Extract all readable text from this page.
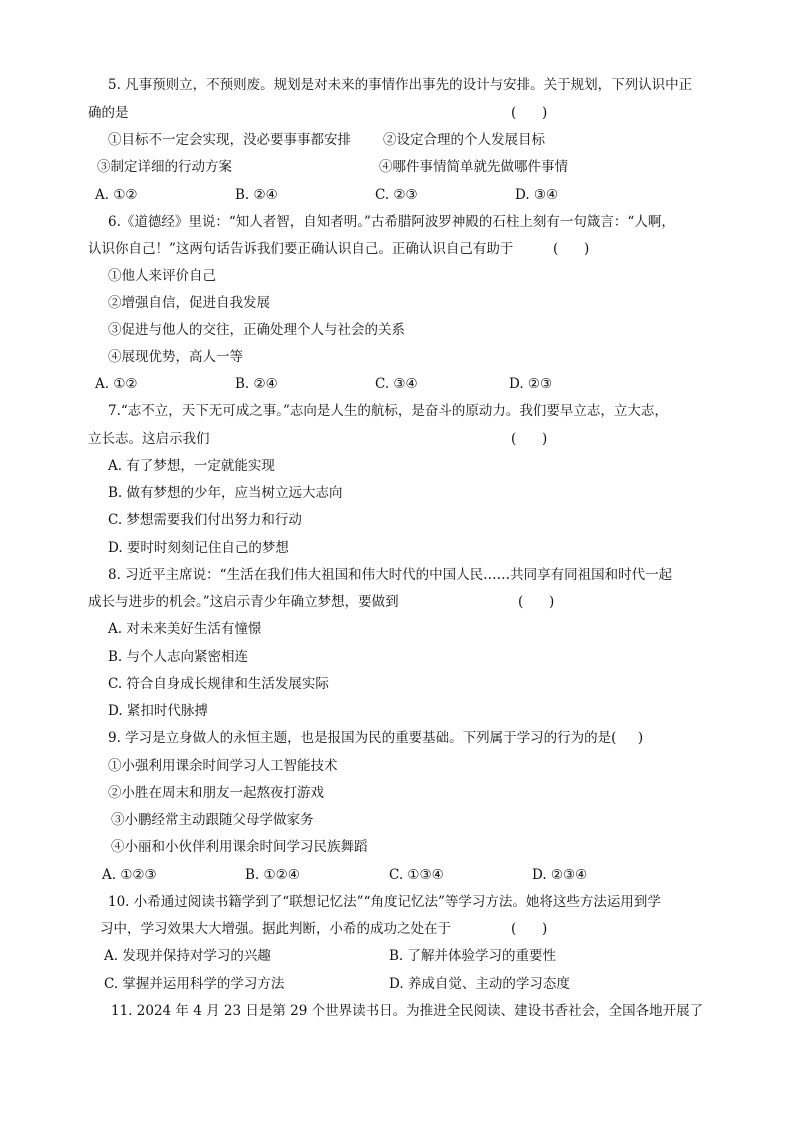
5. 凡事预则立，不预则废。规划是对未来的事情作出事先的设计与安排。关于规划，下列认识中正
确的是	(      )
①目标不一定会实现，没必要事事都安排 ②设定合理的个人发展目标
③制定详细的行动方案	④哪件事情简单就先做哪件事情
A. ①②	B. ②④	C. ②③	D. ③④
6.《道德经》里说：“知人者智，自知者明。”古希腊阿波罗神殿的石柱上刻有一句箴言：“人啊，
认识你自己！”这两句话告诉我们要正确认识自己。正确认识自己有助于	(      )
①他人来评价自己
②增强自信，促进自我发展
③促进与他人的交往，正确处理个人与社会的关系
④展现优势，高人一等
A. ①②	B. ②④	C. ③④	D. ②③
7.“志不立，天下无可成之事。”志向是人生的航标，是奋斗的原动力。我们要早立志，立大志，
立长志。这启示我们	(      )
A. 有了梦想，一定就能实现
B. 做有梦想的少年，应当树立远大志向
C. 梦想需要我们付出努力和行动
D. 要时时刻刻记住自己的梦想
8. 习近平主席说：“生活在我们伟大祖国和伟大时代的中国人民……共同享有同祖国和时代一起
成长与进步的机会。”这启示青少年确立梦想，要做到	(      )
A. 对未来美好生活有憧憬
B. 与个人志向紧密相连
C. 符合自身成长规律和生活发展实际
D. 紧扣时代脉搏
9. 学习是立身做人的永恒主题，也是报国为民的重要基础。下列属于学习的行为的是(     )
①小强利用课余时间学习人工智能技术
②小胜在周末和朋友一起熬夜打游戏
③小鹏经常主动跟随父母学做家务
④小丽和小伙伴利用课余时间学习民族舞蹈
A. ①②③	B. ①②④	C. ①③④	D. ②③④
10. 小希通过阅读书籍学到了“联想记忆法”“角度记忆法”等学习方法。她将这些方法运用到学
习中，学习效果大大增强。据此判断，小希的成功之处在于	(      )
A. 发现并保持对学习的兴趣	B. 了解并体验学习的重要性
C. 掌握并运用科学的学习方法	D. 养成自觉、主动的学习态度
11. 2024 年 4 月 23 日是第 29 个世界读书日。为推进全民阅读、建设书香社会，全国各地开展了
